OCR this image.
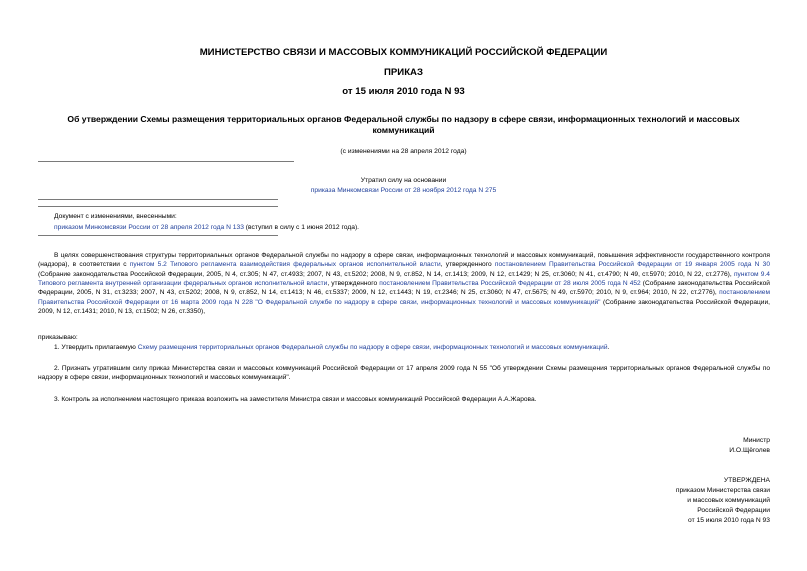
МИНИСТЕРСТВО СВЯЗИ И МАССОВЫХ КОММУНИКАЦИЙ РОССИЙСКОЙ ФЕДЕРАЦИИ
ПРИКАЗ
от 15 июля 2010 года N 93
Об утверждении Схемы размещения территориальных органов Федеральной службы по надзору в сфере связи, информационных технологий и массовых
коммуникаций
(с изменениями на 28 апреля 2012 года)
Утратил силу на основании
приказа Минкомсвязи России от 28 ноября 2012 года N 275
Документ с изменениями, внесенными:
приказом Минкомсвязи России от 28 апреля 2012 года N 133 (вступил в силу с 1 июня 2012 года).
В целях совершенствования структуры территориальных органов Федеральной службы по надзору в сфере связи, информационных технологий и массовых коммуникаций, повышения эффективности государственного контроля (надзора), в соответствии с пунктом 5.2 Типового регламента взаимодействия федеральных органов исполнительной власти, утвержденного постановлением Правительства Российской Федерации от 19 января 2005 года N 30 (Собрание законодательства Российской Федерации, 2005, N 4, ст.305; N 47, ст.4933; 2007, N 43, ст.5202; 2008, N 9, ст.852, N 14, ст.1413; 2009, N 12, ст.1429; N 25, ст.3060; N 41, ст.4790; N 49, ст.5970; 2010, N 22, ст.2776), пунктом 9.4 Типового регламента внутренней организации федеральных органов исполнительной власти, утвержденного постановлением Правительства Российской Федерации от 28 июля 2005 года N 452 (Собрание законодательства Российской Федерации, 2005, N 31, ст.3233; 2007, N 43, ст.5202; 2008, N 9, ст.852, N 14, ст.1413; N 46, ст.5337; 2009, N 12, ст.1443; N 19, ст.2346; N 25, ст.3060; N 47, ст.5675; N 49, ст.5970; 2010, N 9, ст.964; 2010, N 22, ст.2776), постановлением Правительства Российской Федерации от 16 марта 2009 года N 228 "О Федеральной службе по надзору в сфере связи, информационных технологий и массовых коммуникаций" (Собрание законодательства Российской Федерации, 2009, N 12, ст.1431; 2010, N 13, ст.1502; N 26, ст.3350),
приказываю:
1. Утвердить прилагаемую Схему размещения территориальных органов Федеральной службы по надзору в сфере связи, информационных технологий и массовых коммуникаций.
2. Признать утратившим силу приказ Министерства связи и массовых коммуникаций Российской Федерации от 17 апреля 2009 года N 55 "Об утверждении Схемы размещения территориальных органов Федеральной службы по надзору в сфере связи, информационных технологий и массовых коммуникаций".
3. Контроль за исполнением настоящего приказа возложить на заместителя Министра связи и массовых коммуникаций Российской Федерации А.А.Жарова.
Министр
И.О.Щёголев
УТВЕРЖДЕНА
приказом Министерства связи
и массовых коммуникаций
Российской Федерации
от 15 июля 2010 года N 93
